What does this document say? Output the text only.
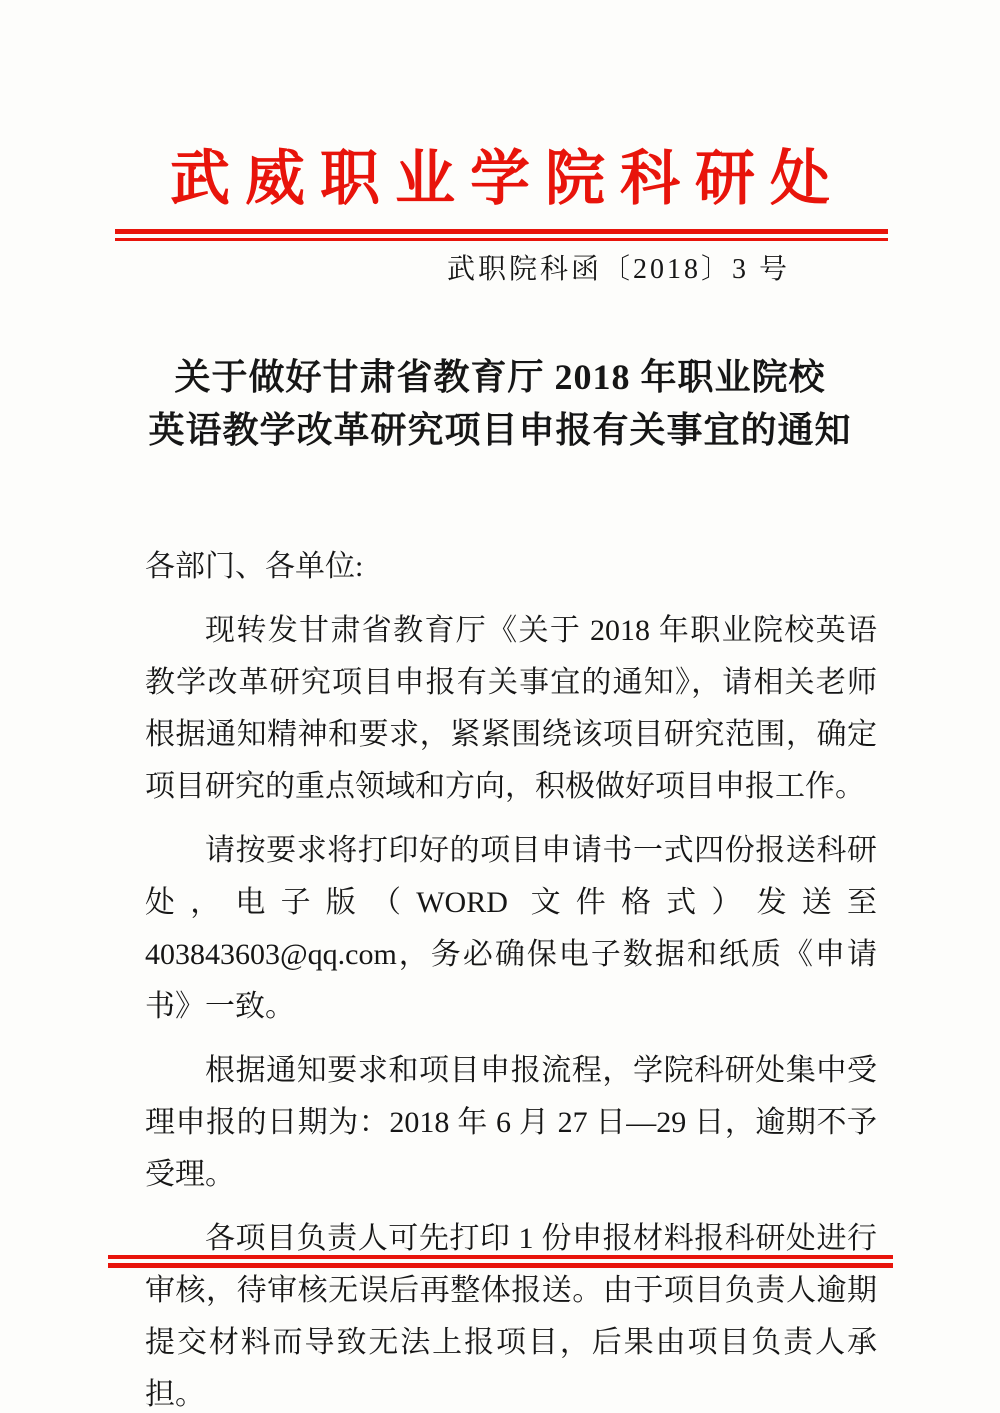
武威职业学院科研处
武职院科函〔2018〕3 号
关于做好甘肃省教育厅 2018 年职业院校
英语教学改革研究项目申报有关事宜的通知

各部门、各单位:

现转发甘肃省教育厅《关于 2018 年职业院校英语教学改革研究项目申报有关事宜的通知》，请相关老师根据通知精神和要求，紧紧围绕该项目研究范围，确定项目研究的重点领域和方向，积极做好项目申报工作。

请按要求将打印好的项目申请书一式四份报送科研处，电子版（WORD 文件格式）发送至 403843603@qq.com，务必确保电子数据和纸质《申请书》一致。

根据通知要求和项目申报流程，学院科研处集中受理申报的日期为：2018 年 6 月 27 日—29 日，逾期不予受理。

各项目负责人可先打印 1 份申报材料报科研处进行审核，待审核无误后再整体报送。由于项目负责人逾期提交材料而导致无法上报项目，后果由项目负责人承担。
